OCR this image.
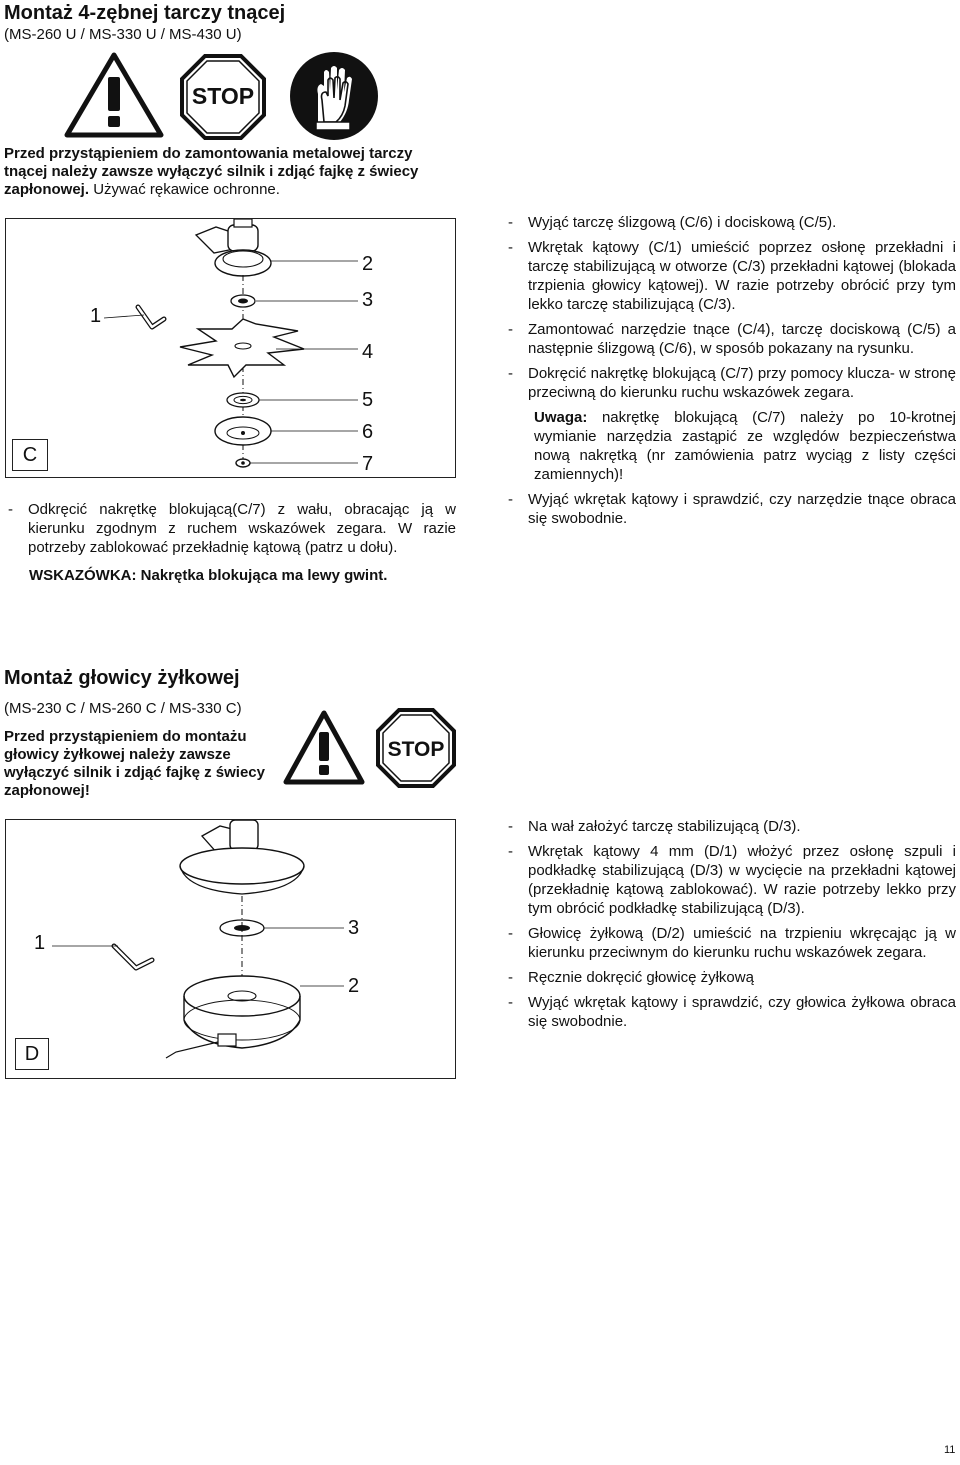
Montaż 4-zębnej tarczy tnącej
(MS-260 U / MS-330 U / MS-430 U)
STOP
Przed przystąpieniem do zamontowania metalowej tarczy tnącej należy zawsze wyłączyć silnik i zdjąć fajkę z świecy zapłonowej. Używać rękawice ochronne.
1
2
3
4
5
6
7
C
- Odkręcić nakrętkę blokującą(C/7) z wału, obracając ją w kierunku zgodnym z ruchem wskazówek zegara. W razie potrzeby zablokować przekładnię kątową (patrz u dołu).
WSKAZÓWKA: Nakrętka blokująca ma lewy gwint.
- Wyjąć tarczę ślizgową (C/6) i dociskową (C/5).
- Wkrętak kątowy (C/1) umieścić poprzez osłonę przekładni i tarczę stabilizującą w otworze (C/3) przekładni kątowej (blokada trzpienia głowicy kątowej). W razie potrzeby obrócić przy tym lekko tarczę stabilizującą (C/3).
- Zamontować narzędzie tnące (C/4), tarczę dociskową (C/5) a następnie ślizgową (C/6), w sposób pokazany na rysunku.
- Dokręcić nakrętkę blokującą (C/7) przy pomocy klucza- w stronę przeciwną do kierunku ruchu wskazówek zegara.
Uwaga: nakrętkę blokującą (C/7) należy po 10-krotnej wymianie narzędzia zastąpić ze względów bezpieczeństwa nową nakrętką (nr zamówienia patrz wyciąg z listy części zamiennych)!
- Wyjąć wkrętak kątowy i sprawdzić, czy narzędzie tnące obraca się swobodnie.
Montaż głowicy żyłkowej
(MS-230 C / MS-260 C / MS-330 C)
Przed przystąpieniem do montażu głowicy żyłkowej należy zawsze wyłączyć silnik i zdjąć fajkę z świecy zapłonowej!
STOP
1
3
2
D
- Na wał założyć tarczę stabilizującą (D/3).
- Wkrętak kątowy 4 mm (D/1) włożyć przez osłonę szpuli i podkładkę stabilizującą (D/3) w wycięcie na przekładni kątowej (przekładnię kątową zablokować). W razie potrzeby lekko przy tym obrócić podkładkę stabilizującą (D/3).
- Głowicę żyłkową (D/2) umieścić na trzpieniu wkręcając ją w kierunku przeciwnym do kierunku ruchu wskazówek zegara.
- Ręcznie dokręcić głowicę żyłkową
- Wyjąć wkrętak kątowy i sprawdzić, czy głowica żyłkowa obraca się swobodnie.
11
